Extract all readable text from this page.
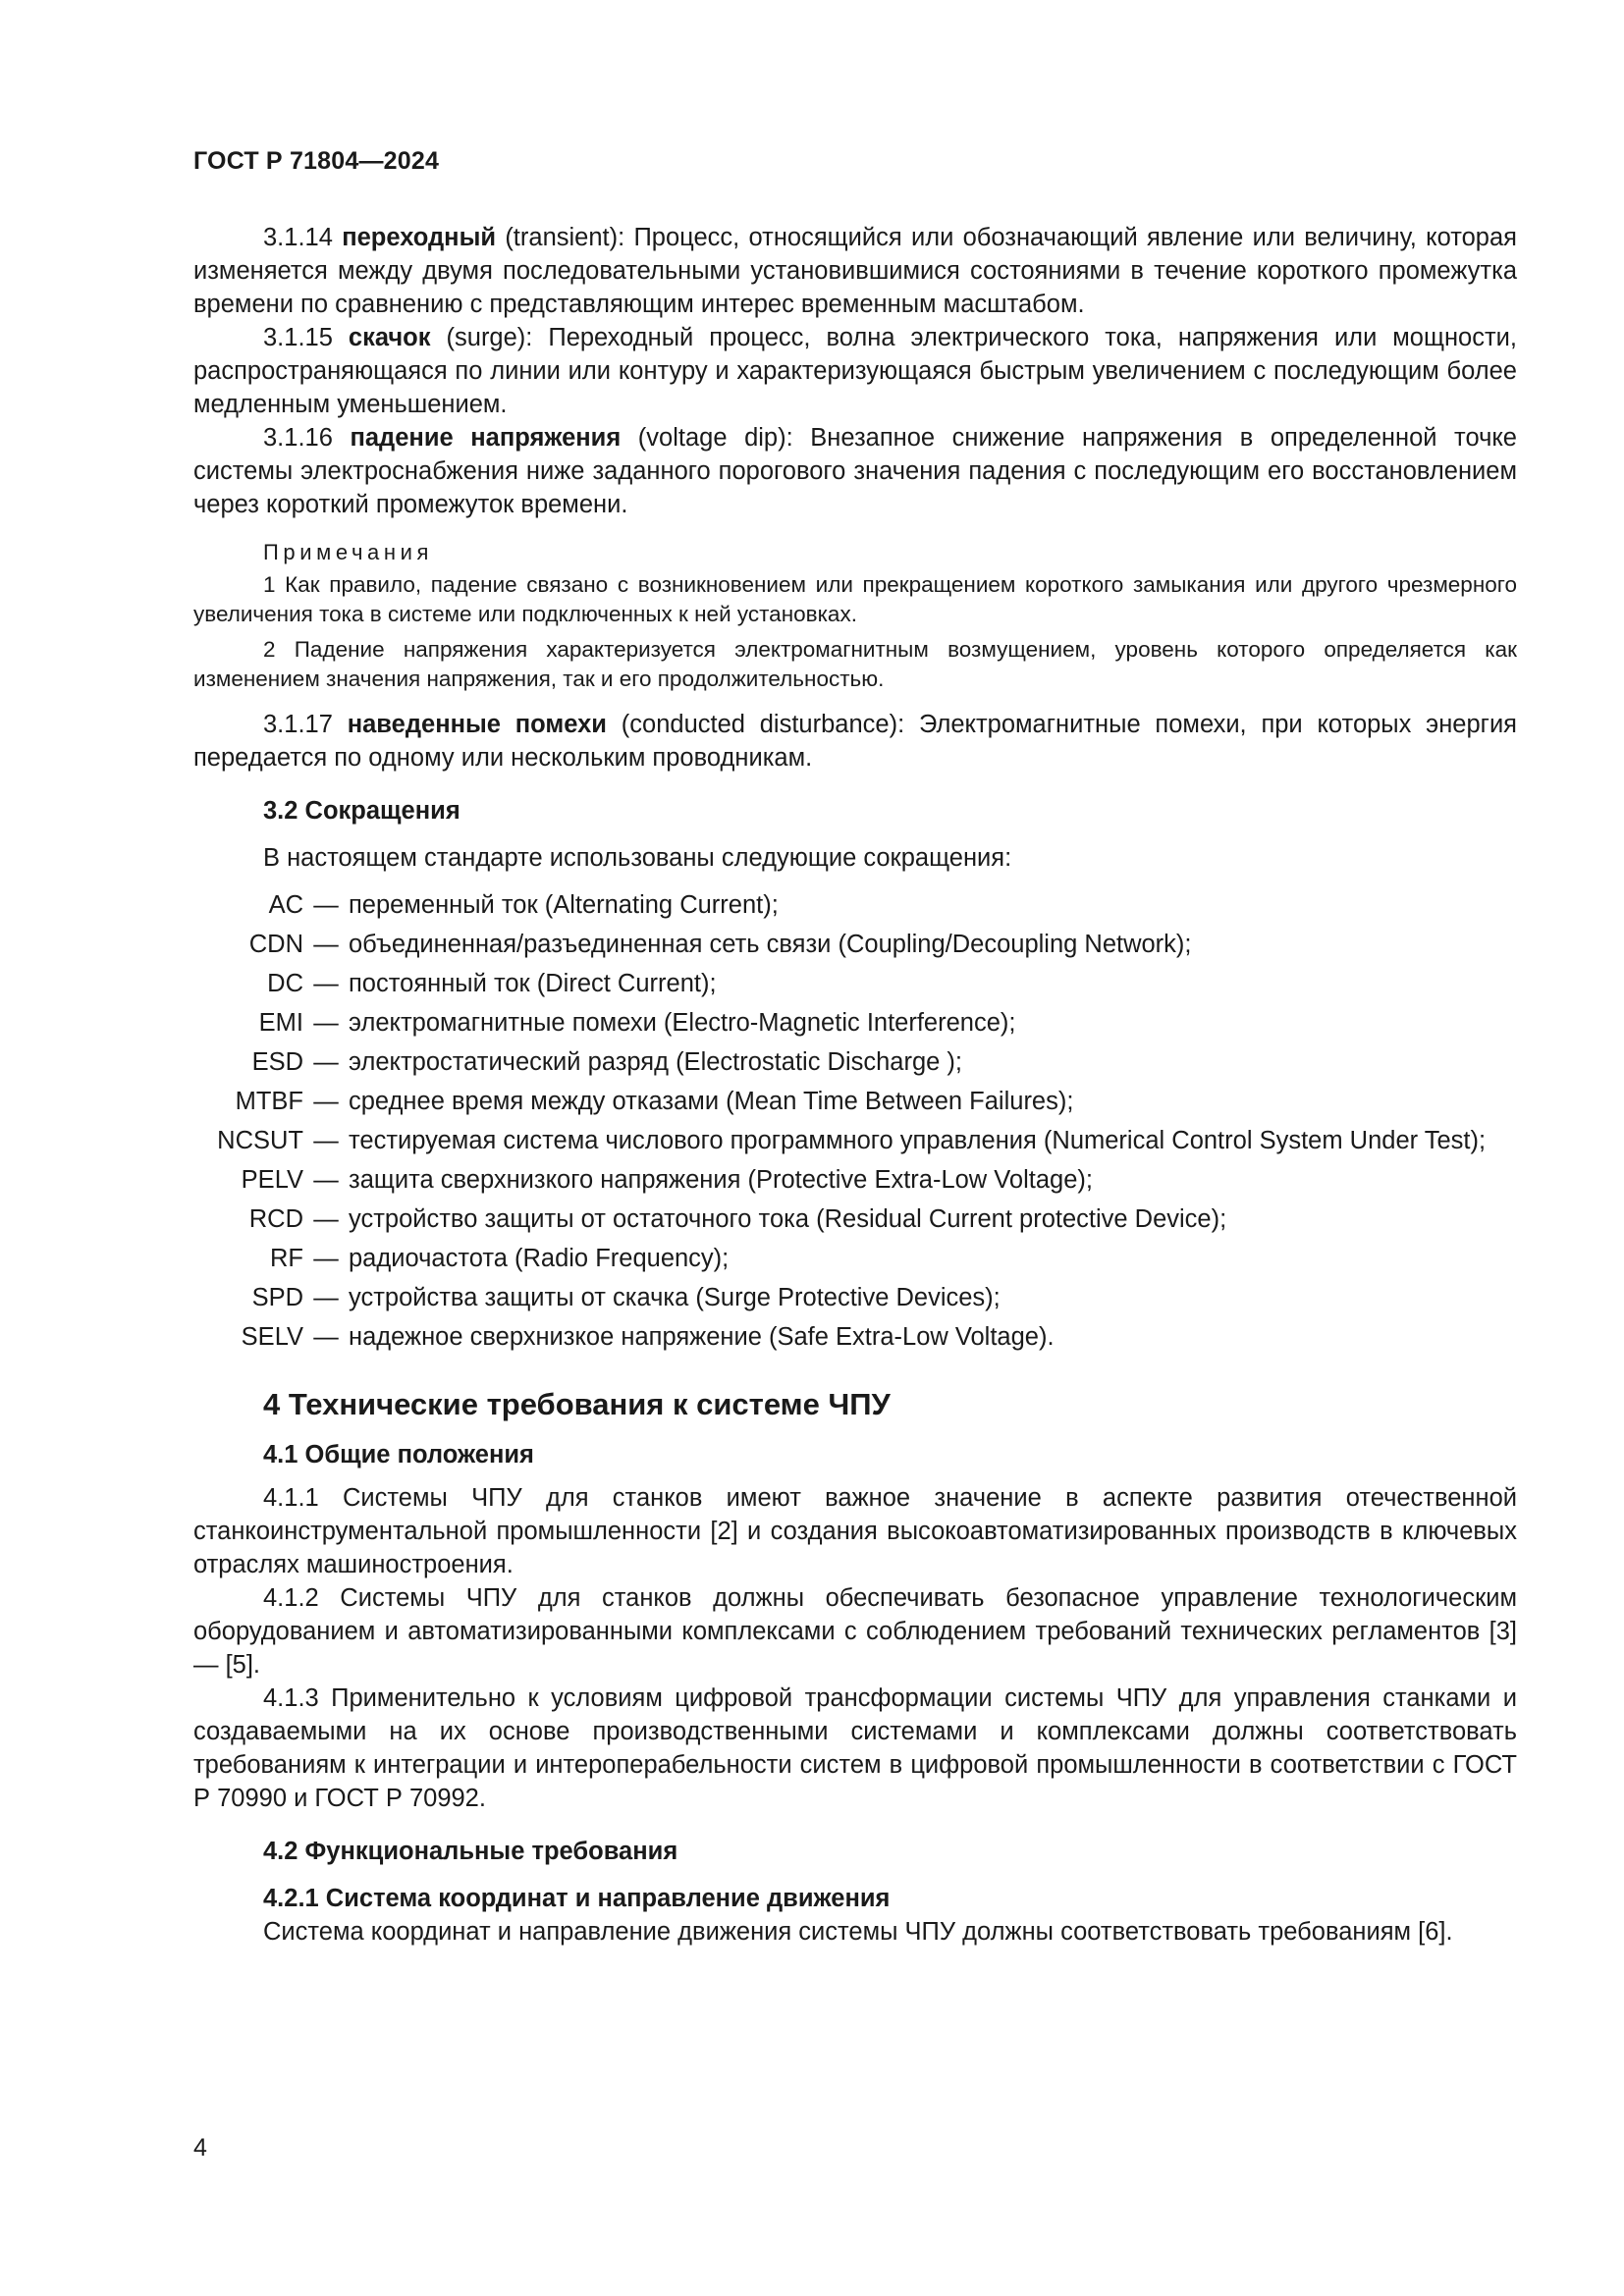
ГОСТ Р 71804—2024

3.1.14 переходный (transient): Процесс, относящийся или обозначающий явление или величину, которая изменяется между двумя последовательными установившимися состояниями в течение короткого промежутка времени по сравнению с представляющим интерес временным масштабом.

3.1.15 скачок (surge): Переходный процесс, волна электрического тока, напряжения или мощности, распространяющаяся по линии или контуру и характеризующаяся быстрым увеличением с последующим более медленным уменьшением.

3.1.16 падение напряжения (voltage dip): Внезапное снижение напряжения в определенной точке системы электроснабжения ниже заданного порогового значения падения с последующим его восстановлением через короткий промежуток времени.

Примечания

1 Как правило, падение связано с возникновением или прекращением короткого замыкания или другого чрезмерного увеличения тока в системе или подключенных к ней установках.

2 Падение напряжения характеризуется электромагнитным возмущением, уровень которого определяется как изменением значения напряжения, так и его продолжительностью.

3.1.17 наведенные помехи (conducted disturbance): Электромагнитные помехи, при которых энергия передается по одному или нескольким проводникам.

3.2 Сокращения

В настоящем стандарте использованы следующие сокращения:

AC — переменный ток (Alternating Current);
CDN — объединенная/разъединенная сеть связи (Coupling/Decoupling Network);
DC — постоянный ток (Direct Current);
EMI — электромагнитные помехи (Electro-Magnetic Interference);
ESD — электростатический разряд (Electrostatic Discharge );
MTBF — среднее время между отказами (Mean Time Between Failures);
NCSUT — тестируемая система числового программного управления (Numerical Control System Under Test);
PELV — защита сверхнизкого напряжения (Protective Extra-Low Voltage);
RCD — устройство защиты от остаточного тока (Residual Current protective Device);
RF — радиочастота (Radio Frequency);
SPD — устройства защиты от скачка (Surge Protective Devices);
SELV — надежное сверхнизкое напряжение (Safe Extra-Low Voltage).
4 Технические требования к системе ЧПУ
4.1 Общие положения

4.1.1 Системы ЧПУ для станков имеют важное значение в аспекте развития отечественной станкоинструментальной промышленности [2] и создания высокоавтоматизированных производств в ключевых отраслях машиностроения.

4.1.2 Системы ЧПУ для станков должны обеспечивать безопасное управление технологическим оборудованием и автоматизированными комплексами с соблюдением требований технических регламентов [3] — [5].

4.1.3 Применительно к условиям цифровой трансформации системы ЧПУ для управления станками и создаваемыми на их основе производственными системами и комплексами должны соответствовать требованиям к интеграции и интероперабельности систем в цифровой промышленности в соответствии с ГОСТ Р 70990 и ГОСТ Р 70992.

4.2 Функциональные требования
4.2.1 Система координат и направление движения

Система координат и направление движения системы ЧПУ должны соответствовать требованиям [6].

4
